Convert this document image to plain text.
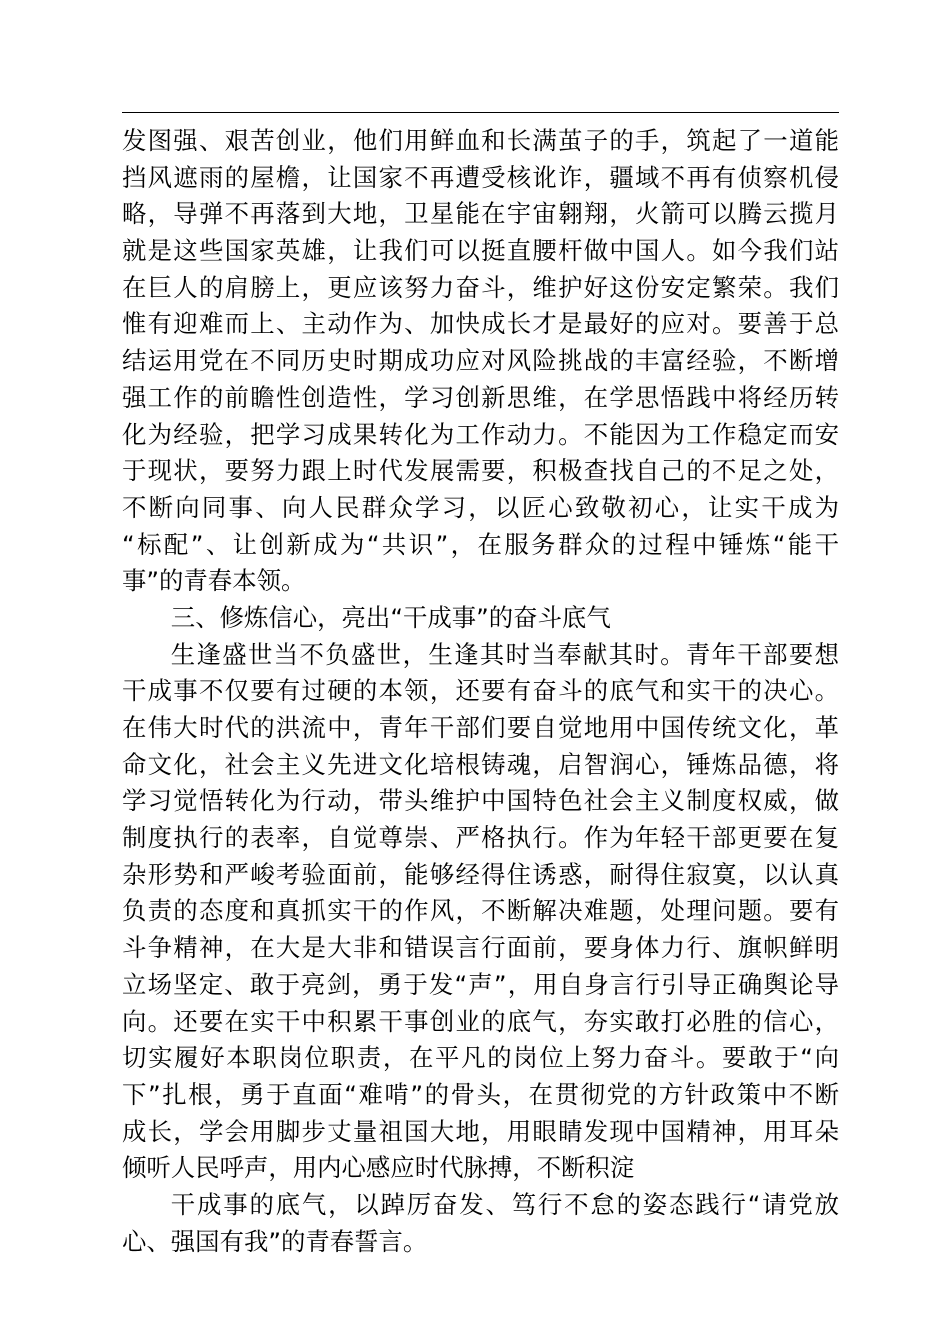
发图强、艰苦创业，他们用鲜血和长满茧子的手，筑起了一道能
挡风遮雨的屋檐，让国家不再遭受核讹诈，疆域不再有侦察机侵
略，导弹不再落到大地，卫星能在宇宙翱翔，火箭可以腾云揽月
就是这些国家英雄，让我们可以挺直腰杆做中国人。如今我们站
在巨人的肩膀上，更应该努力奋斗，维护好这份安定繁荣。我们
惟有迎难而上、主动作为、加快成长才是最好的应对。要善于总
结运用党在不同历史时期成功应对风险挑战的丰富经验，不断增
强工作的前瞻性创造性，学习创新思维，在学思悟践中将经历转
化为经验，把学习成果转化为工作动力。不能因为工作稳定而安
于现状，要努力跟上时代发展需要，积极查找自己的不足之处，
不断向同事、向人民群众学习，以匠心致敬初心，让实干成为
“标配”、让创新成为“共识”，在服务群众的过程中锤炼“能干
事”的青春本领。
三、修炼信心，亮出“干成事”的奋斗底气
生逢盛世当不负盛世，生逢其时当奉献其时。青年干部要想
干成事不仅要有过硬的本领，还要有奋斗的底气和实干的决心。
在伟大时代的洪流中，青年干部们要自觉地用中国传统文化，革
命文化，社会主义先进文化培根铸魂，启智润心，锤炼品德，将
学习觉悟转化为行动，带头维护中国特色社会主义制度权威，做
制度执行的表率，自觉尊崇、严格执行。作为年轻干部更要在复
杂形势和严峻考验面前，能够经得住诱惑，耐得住寂寞，以认真
负责的态度和真抓实干的作风，不断解决难题，处理问题。要有
斗争精神，在大是大非和错误言行面前，要身体力行、旗帜鲜明
立场坚定、敢于亮剑，勇于发“声”，用自身言行引导正确舆论导
向。还要在实干中积累干事创业的底气，夯实敢打必胜的信心，
切实履好本职岗位职责，在平凡的岗位上努力奋斗。要敢于“向
下”扎根，勇于直面“难啃”的骨头，在贯彻党的方针政策中不断
成长，学会用脚步丈量祖国大地，用眼睛发现中国精神，用耳朵
倾听人民呼声，用内心感应时代脉搏，不断积淀
干成事的底气，以踔厉奋发、笃行不怠的姿态践行“请党放
心、强国有我”的青春誓言。
